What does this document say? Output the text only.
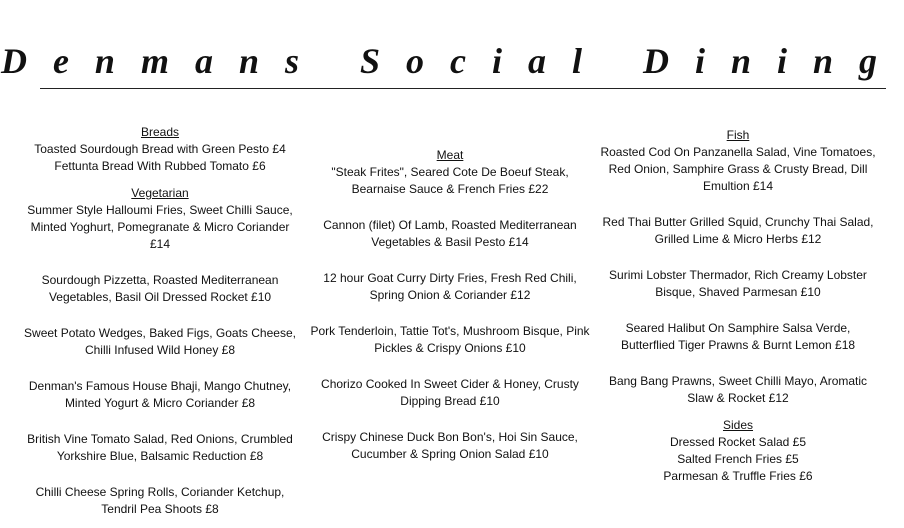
Denmans Social Dining
Breads
Toasted Sourdough Bread with Green Pesto £4
Fettunta Bread With Rubbed Tomato £6
Vegetarian
Summer Style Halloumi Fries, Sweet Chilli Sauce, Minted Yoghurt, Pomegranate & Micro Coriander £14
Sourdough Pizzetta, Roasted Mediterranean Vegetables, Basil Oil Dressed Rocket £10
Sweet Potato Wedges, Baked Figs, Goats Cheese, Chilli Infused Wild Honey £8
Denman's Famous House Bhaji, Mango Chutney, Minted Yogurt & Micro Coriander £8
British Vine Tomato Salad, Red Onions, Crumbled Yorkshire Blue, Balsamic Reduction £8
Chilli Cheese Spring Rolls, Coriander Ketchup, Tendril Pea Shoots £8
Meat
"Steak Frites", Seared Cote De Boeuf Steak, Bearnaise Sauce & French Fries £22
Cannon (filet) Of Lamb, Roasted Mediterranean Vegetables & Basil Pesto £14
12 hour Goat Curry Dirty Fries, Fresh Red Chili, Spring Onion & Coriander £12
Pork Tenderloin, Tattie Tot's, Mushroom Bisque, Pink Pickles & Crispy Onions £10
Chorizo Cooked In Sweet Cider & Honey, Crusty Dipping Bread £10
Crispy Chinese Duck Bon Bon's, Hoi Sin Sauce, Cucumber & Spring Onion Salad £10
Fish
Roasted Cod On Panzanella Salad, Vine Tomatoes, Red Onion, Samphire Grass & Crusty Bread, Dill Emultion £14
Red Thai Butter Grilled Squid, Crunchy Thai Salad, Grilled Lime & Micro Herbs £12
Surimi Lobster Thermador, Rich Creamy Lobster Bisque, Shaved Parmesan £10
Seared Halibut On Samphire Salsa Verde, Butterflied Tiger Prawns & Burnt Lemon £18
Bang Bang Prawns, Sweet Chilli Mayo, Aromatic Slaw & Rocket £12
Sides
Dressed Rocket Salad £5
Salted French Fries £5
Parmesan & Truffle Fries £6
